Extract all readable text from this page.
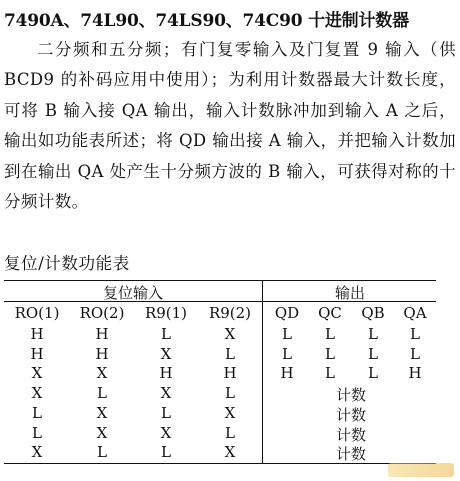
7490A、74L90、74LS90、74C90 十进制计数器
二分频和五分频；有门复零输入及门复置 9 输入（供 BCD9 的补码应用中使用）；为利用计数器最大计数长度，可将 B 输入接 QA 输出，输入计数脉冲加到输入 A 之后，输出如功能表所述；将 QD 输出接 A 输入，并把输入计数加到在输出 QA 处产生十分频方波的 B 输入，可获得对称的十分频计数。
复位/计数功能表
复位输入	输出
RO(1)	RO(2)	R9(1)	R9(2)	QD	QC	QB	QA
H	H	L	X	L	L	L	L
H	H	X	L	L	L	L	L
X	X	H	H	H	L	L	H
X	L	X	L	计数
L	X	L	X	计数
L	X	X	L	计数
X	L	L	X	计数
